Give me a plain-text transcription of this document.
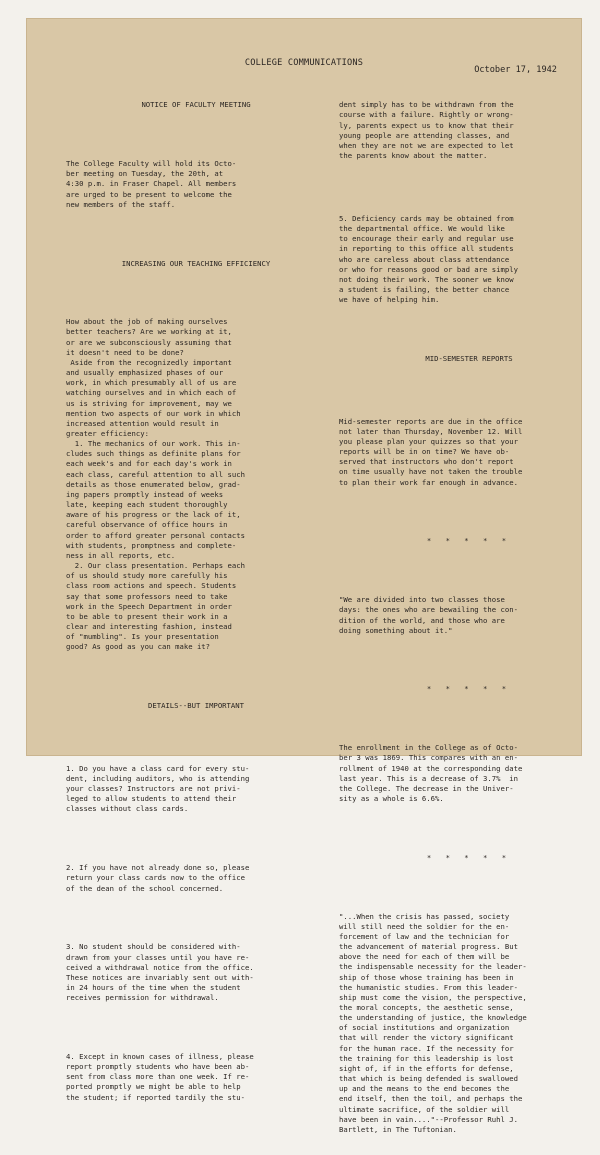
COLLEGE COMMUNICATIONS
October 17, 1942

NOTICE OF FACULTY MEETING

The College Faculty will hold its Octo-
ber meeting on Tuesday, the 20th, at
4:30 p.m. in Fraser Chapel. All members
are urged to be present to welcome the
new members of the staff.

INCREASING OUR TEACHING EFFICIENCY

How about the job of making ourselves
better teachers? Are we working at it,
or are we subconsciously assuming that
it doesn't need to be done?
Aside from the recognizedly important
and usually emphasized phases of our
work, in which presumably all of us are
watching ourselves and in which each of
us is striving for improvement, may we
mention two aspects of our work in which
increased attention would result in
greater efficiency:
1. The mechanics of our work. This in-
cludes such things as definite plans for
each week's and for each day's work in
each class, careful attention to all such
details as those enumerated below, grad-
ing papers promptly instead of weeks
late, keeping each student thoroughly
aware of his progress or the lack of it,
careful observance of office hours in
order to afford greater personal contacts
with students, promptness and complete-
ness in all reports, etc.
2. Our class presentation. Perhaps each
of us should study more carefully his
class room actions and speech. Students
say that some professors need to take
work in the Speech Department in order
to be able to present their work in a
clear and interesting fashion, instead
of "mumbling". Is your presentation
good? As good as you can make it?

DETAILS--BUT IMPORTANT

1. Do you have a class card for every stu-
dent, including auditors, who is attending
your classes? Instructors are not privi-
leged to allow students to attend their
classes without class cards.

2. If you have not already done so, please
return your class cards now to the office
of the dean of the school concerned.

3. No student should be considered with-
drawn from your classes until you have re-
ceived a withdrawal notice from the office.
These notices are invariably sent out with-
in 24 hours of the time when the student
receives permission for withdrawal.

4. Except in known cases of illness, please
report promptly students who have been ab-
sent from class more than one week. If re-
ported promptly we might be able to help
the student; if reported tardily the stu-

dent simply has to be withdrawn from the
course with a failure. Rightly or wrong-
ly, parents expect us to know that their
young people are attending classes, and
when they are not we are expected to let
the parents know about the matter.

5. Deficiency cards may be obtained from
the departmental office. We would like
to encourage their early and regular use
in reporting to this office all students
who are careless about class attendance
or who for reasons good or bad are simply
not doing their work. The sooner we know
a student is failing, the better chance
we have of helping him.

MID-SEMESTER REPORTS

Mid-semester reports are due in the office
not later than Thursday, November 12. Will
you please plan your quizzes so that your
reports will be in on time? We have ob-
served that instructors who don't report
on time usually have not taken the trouble
to plan their work far enough in advance.

* * * * *

"We are divided into two classes those
days: the ones who are bewailing the con-
dition of the world, and those who are
doing something about it."

* * * * *

The enrollment in the College as of Octo-
ber 3 was 1869. This compares with an en-
rollment of 1940 at the corresponding date
last year. This is a decrease of 3.7%  in
the College. The decrease in the Univer-
sity as a whole is 6.6%.

* * * * *

"...When the crisis has passed, society
will still need the soldier for the en-
forcement of law and the technician for
the advancement of material progress. But
above the need for each of them will be
the indispensable necessity for the leader-
ship of those whose training has been in
the humanistic studies. From this leader-
ship must come the vision, the perspective,
the moral concepts, the aesthetic sense,
the understanding of justice, the knowledge
of social institutions and organization
that will render the victory significant
for the human race. If the necessity for
the training for this leadership is lost
sight of, if in the efforts for defense,
that which is being defended is swallowed
up and the means to the end becomes the
end itself, then the toil, and perhaps the
ultimate sacrifice, of the soldier will
have been in vain...."--Professor Ruhl J.
Bartlett, in The Tuftonian.
